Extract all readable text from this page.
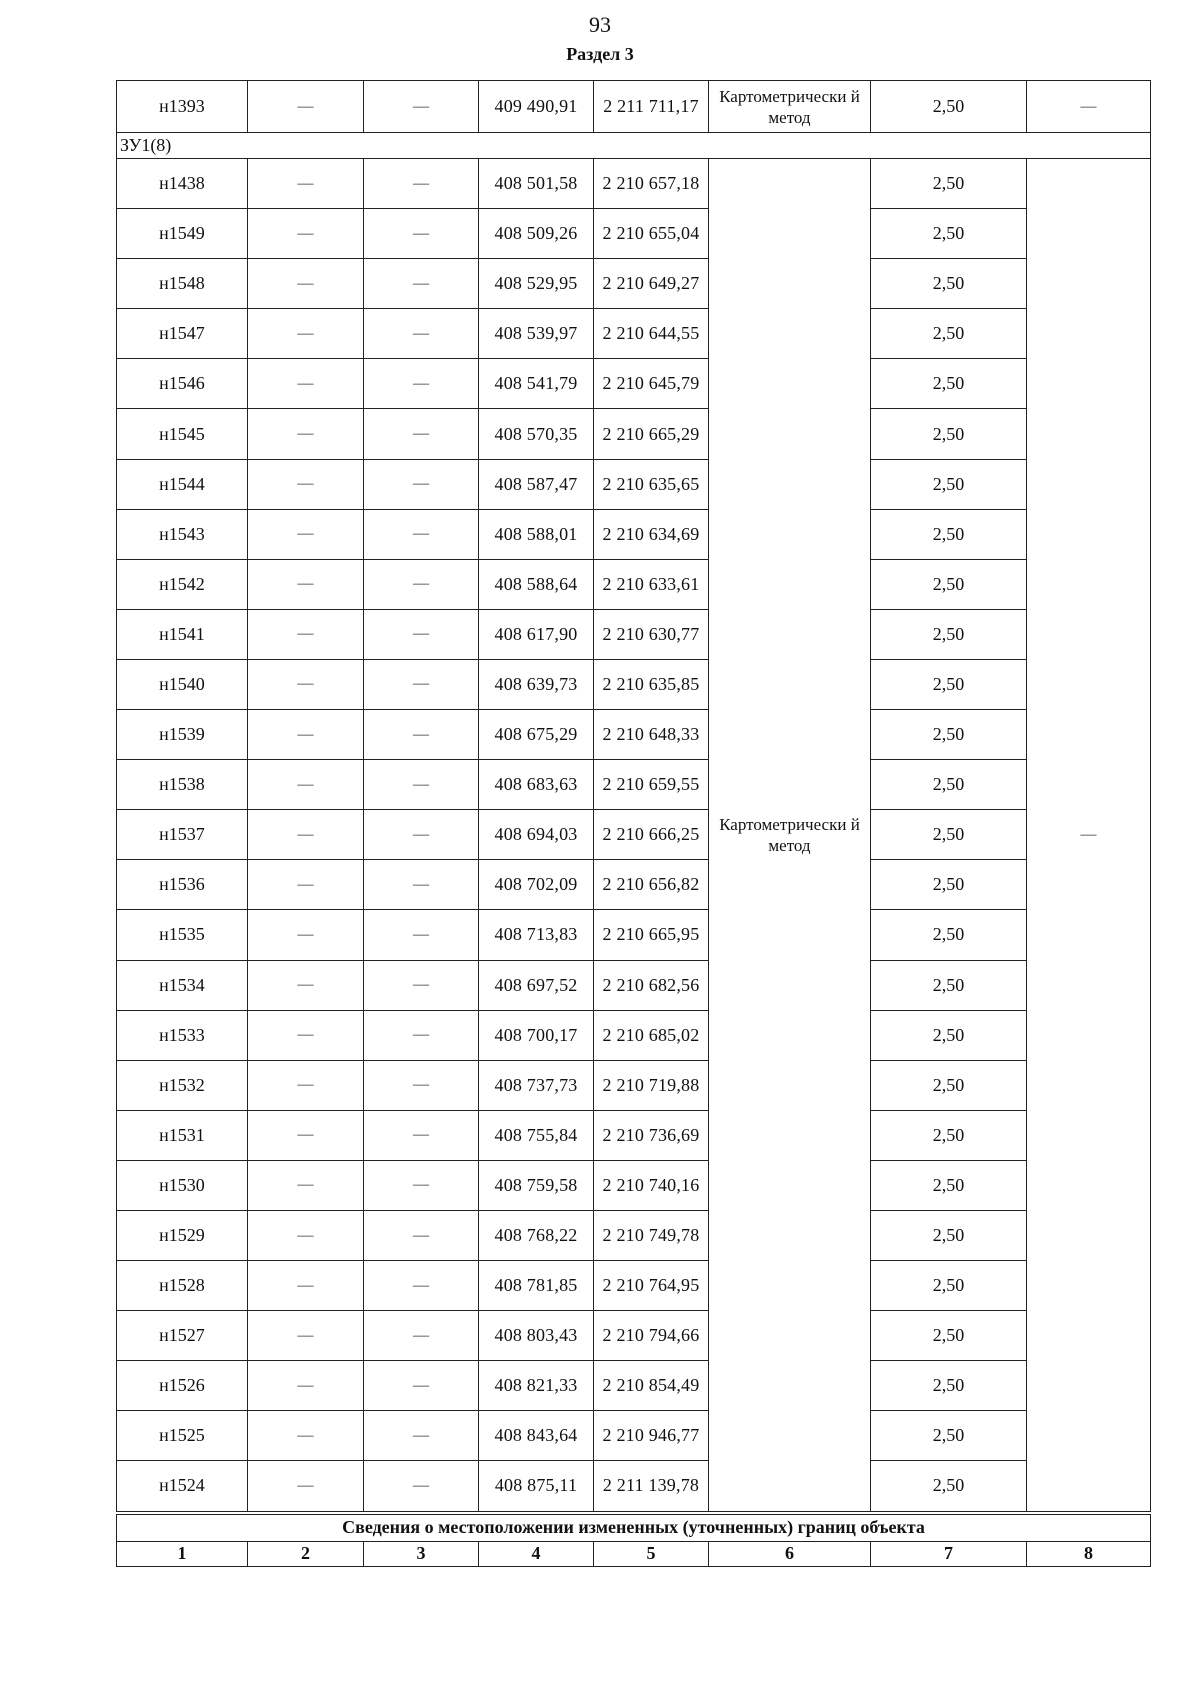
93
Раздел 3
н1393	—	—	409 490,91	2 211 711,17	Картометрически й метод	2,50	—
ЗУ1(8)							
н1438	—	—	408 501,58	2 210 657,18	Картометрически й метод	2,50	—
н1549	—	—	408 509,26	2 210 655,04		2,50	
н1548	—	—	408 529,95	2 210 649,27		2,50	
н1547	—	—	408 539,97	2 210 644,55		2,50	
н1546	—	—	408 541,79	2 210 645,79		2,50	
н1545	—	—	408 570,35	2 210 665,29		2,50	
н1544	—	—	408 587,47	2 210 635,65		2,50	
н1543	—	—	408 588,01	2 210 634,69		2,50	
н1542	—	—	408 588,64	2 210 633,61		2,50	
н1541	—	—	408 617,90	2 210 630,77		2,50	
н1540	—	—	408 639,73	2 210 635,85		2,50	
н1539	—	—	408 675,29	2 210 648,33		2,50	
н1538	—	—	408 683,63	2 210 659,55		2,50	
н1537	—	—	408 694,03	2 210 666,25		2,50	
н1536	—	—	408 702,09	2 210 656,82		2,50	
н1535	—	—	408 713,83	2 210 665,95		2,50	
н1534	—	—	408 697,52	2 210 682,56		2,50	
н1533	—	—	408 700,17	2 210 685,02		2,50	
н1532	—	—	408 737,73	2 210 719,88		2,50	
н1531	—	—	408 755,84	2 210 736,69		2,50	
н1530	—	—	408 759,58	2 210 740,16		2,50	
н1529	—	—	408 768,22	2 210 749,78		2,50	
н1528	—	—	408 781,85	2 210 764,95		2,50	
н1527	—	—	408 803,43	2 210 794,66		2,50	
н1526	—	—	408 821,33	2 210 854,49		2,50	
н1525	—	—	408 843,64	2 210 946,77		2,50	
н1524	—	—	408 875,11	2 211 139,78		2,50	
Сведения о местоположении измененных (уточненных) границ объекта							
1	2	3	4	5	6	7	8
